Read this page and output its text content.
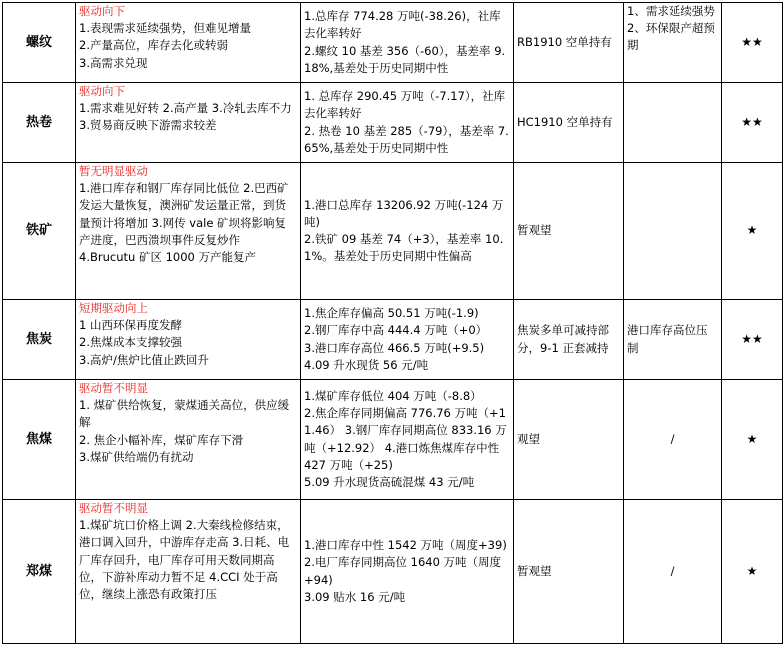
螺纹	驱动向下
1.表现需求延续强势，但难见增量
2.产量高位，库存去化或转弱
3.高需求兑现	1.总库存 774.28 万吨(-38.26)，社库去化率转好
2.螺纹 10 基差 356（-60），基差率 9.18%,基差处于历史同期中性	RB1910 空单持有	1、需求延续强势
2、环保限产超预期	★★
热卷	驱动向下
1.需求难见好转 2.高产量 3.冷轧去库不力 3.贸易商反映下游需求较差	1. 总库存 290.45 万吨（-7.17），社库去化率转好
2. 热卷 10 基差 285（-79），基差率 7.65%,基差处于历史同期中性	HC1910 空单持有		★★
铁矿	暂无明显驱动
1.港口库存和钢厂库存同比低位 2.巴西矿发运大量恢复，澳洲矿发运量正常，到货量预计将增加 3.网传 vale 矿坝将影响复产进度，巴西溃坝事件反复炒作
4.Brucutu 矿区 1000 万产能复产	1.港口总库存 13206.92 万吨(-124 万吨)
2.铁矿 09 基差 74（+3），基差率 10.1%。基差处于历史同期中性偏高	暂观望		★
焦炭	短期驱动向上
1 山西环保再度发酵
2.焦煤成本支撑较强
3.高炉/焦炉比值止跌回升	1.焦企库存偏高 50.51 万吨(-1.9)
2.钢厂库存中高 444.4 万吨（+0）
3.港口库存高位 466.5 万吨(+9.5)
4.09 升水现货 56 元/吨	焦炭多单可减持部分，9-1 正套减持	港口库存高位压制	★★
焦煤	驱动暂不明显
1. 煤矿供给恢复，蒙煤通关高位，供应缓解
2. 焦企小幅补库，煤矿库存下滑
3.煤矿供给端仍有扰动	1.煤矿库存低位 404 万吨（-8.8）
2.焦企库存同期偏高 776.76 万吨（+11.46） 3.钢厂库存同期高位 833.16 万吨（+12.92） 4.港口炼焦煤库存中性 427 万吨（+25)
5.09 升水现货高硫混煤 43 元/吨	观望	/	★
郑煤	驱动暂不明显
1.煤矿坑口价格上调 2.大秦线检修结束，港口调入回升，中游库存走高 3.日耗、电厂库存回升，电厂库存可用天数同期高位，下游补库动力暂不足 4.CCI 处于高位，继续上涨恐有政策打压	1.港口库存中性 1542 万吨（周度+39)
2.电厂库存同期高位 1640 万吨（周度+94)
3.09 贴水 16 元/吨	暂观望	/	★
